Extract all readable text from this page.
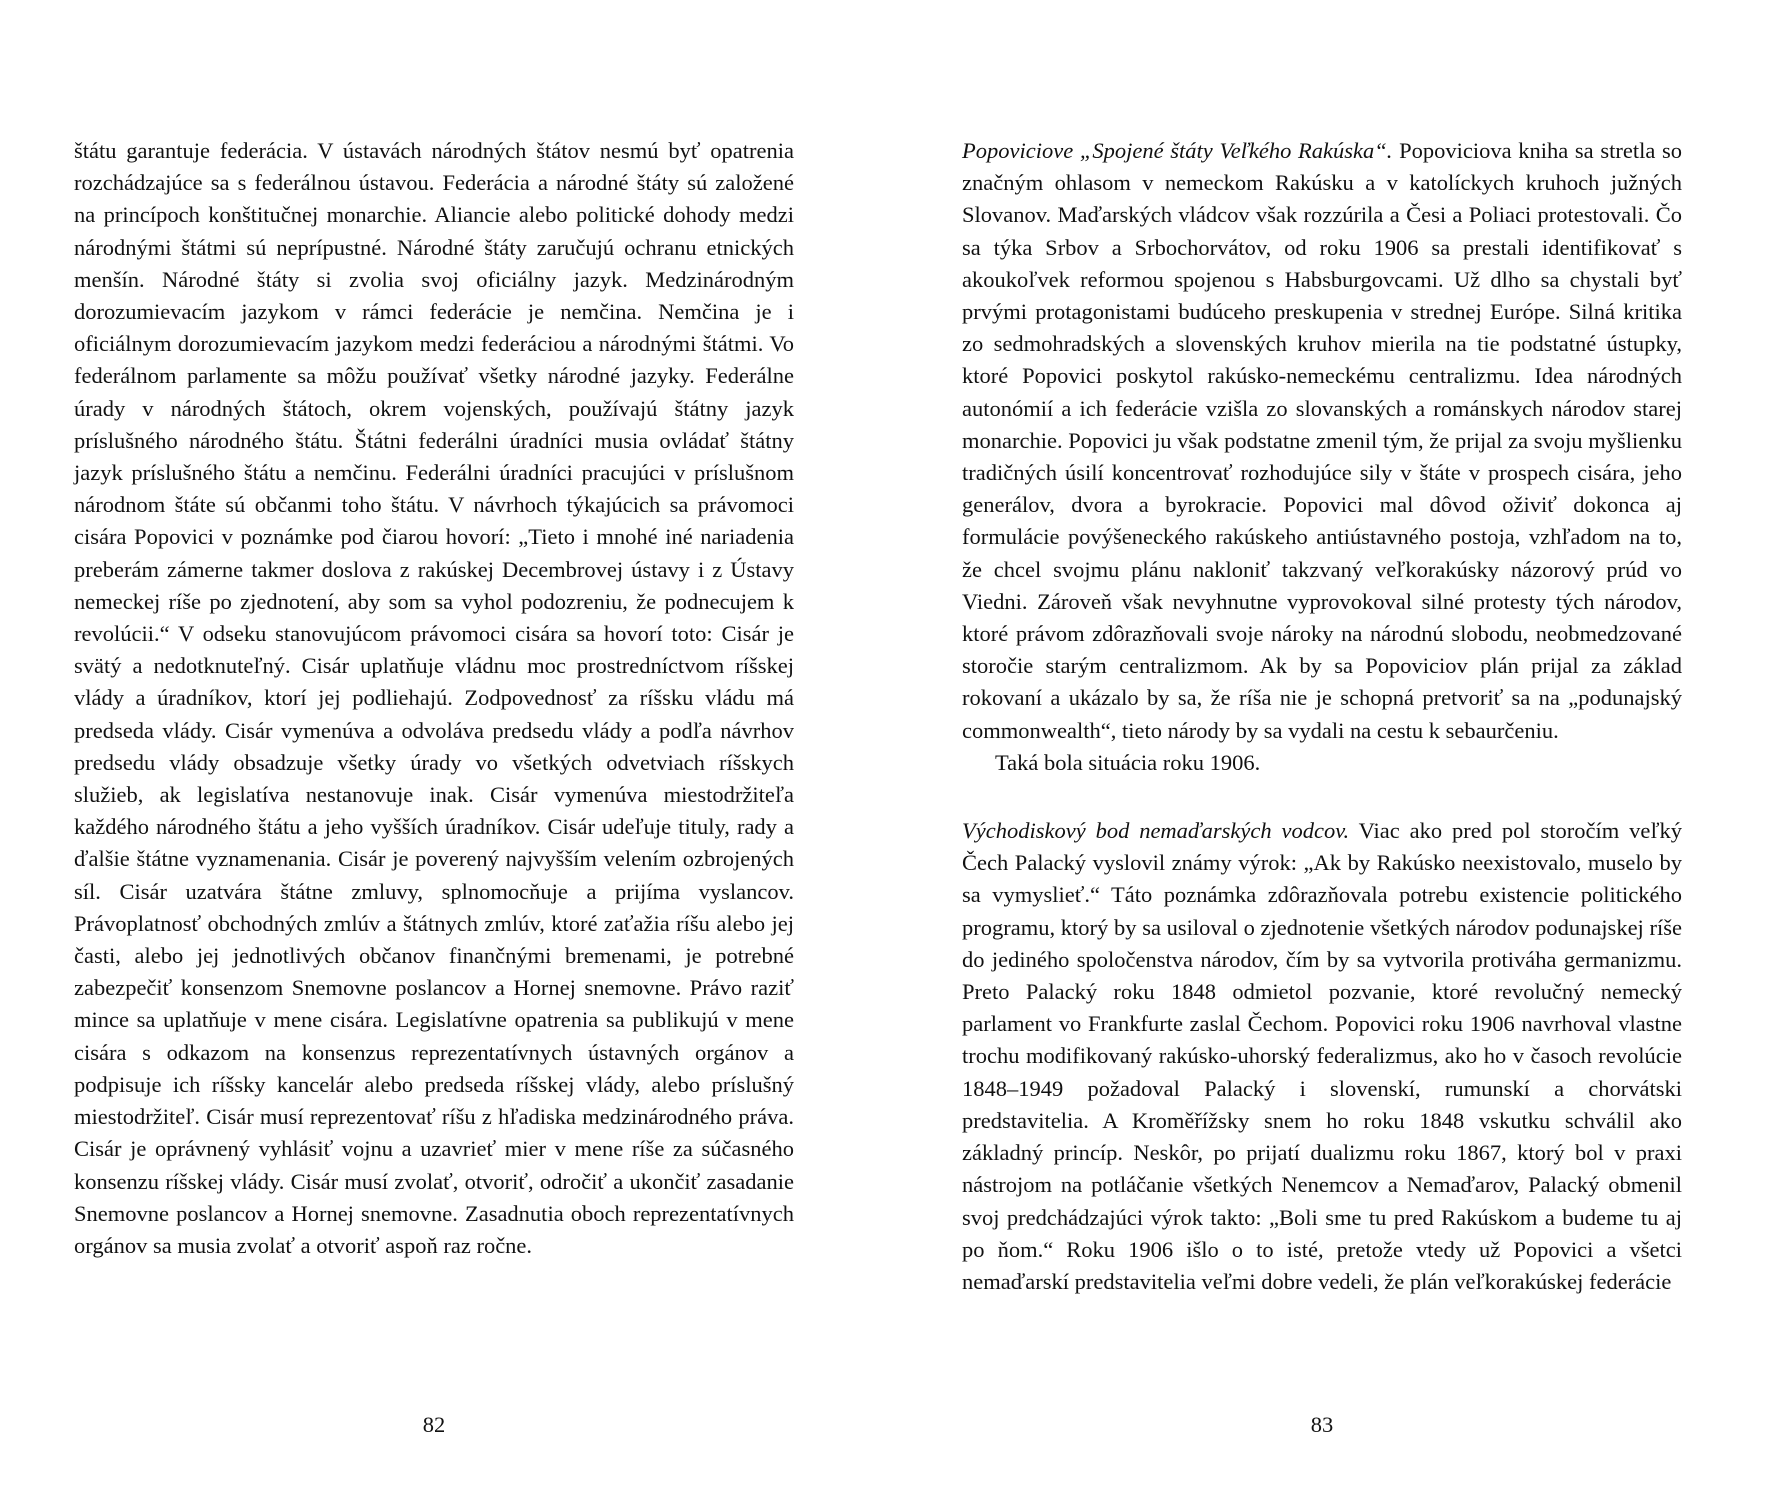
štátu garantuje federácia. V ústavách národných štátov nesmú byť opatrenia rozchádzajúce sa s federálnou ústavou. Federácia a národné štáty sú založené na princípoch konštitučnej monarchie. Aliancie alebo politické dohody medzi národnými štátmi sú neprípustné. Národné štáty zaručujú ochranu etnických menšín. Národné štáty si zvolia svoj oficiálny jazyk. Medzinárodným dorozumievacím jazykom v rámci federácie je nemčina. Nemčina je i oficiálnym dorozumievacím jazykom medzi federáciou a národnými štátmi. Vo federálnom parlamente sa môžu používať všetky národné jazyky. Federálne úrady v národných štátoch, okrem vojenských, používajú štátny jazyk príslušného národného štátu. Štátni federálni úradníci musia ovládať štátny jazyk príslušného štátu a nemčinu. Federálni úradníci pracujúci v príslušnom národnom štáte sú občanmi toho štátu. V návrhoch týkajúcich sa právomoci cisára Popovici v poznámke pod čiarou hovorí: „Tieto i mnohé iné nariadenia preberám zámerne takmer doslova z rakúskej Decembrovej ústavy i z Ústavy nemeckej ríše po zjednotení, aby som sa vyhol podozreniu, že podnecujem k revolúcii.“ V odseku stanovujúcom právomoci cisára sa hovorí toto: Cisár je svätý a nedotknuteľný. Cisár uplatňuje vládnu moc prostredníctvom ríšskej vlády a úradníkov, ktorí jej podliehajú. Zodpovednosť za ríšsku vládu má predseda vlády. Cisár vymenúva a odvoláva predsedu vlády a podľa návrhov predsedu vlády obsadzuje všetky úrady vo všetkých odvetviach ríšskych služieb, ak legislatíva nestanovuje inak. Cisár vymenúva miestodržiteľa každého národného štátu a jeho vyšších úradníkov. Cisár udeľuje tituly, rady a ďalšie štátne vyznamenania. Cisár je poverený najvyšším velením ozbrojených síl. Cisár uzatvára štátne zmluvy, splnomocňuje a prijíma vyslancov. Právoplatnosť obchodných zmlúv a štátnych zmlúv, ktoré zaťažia ríšu alebo jej časti, alebo jej jednotlivých občanov finančnými bremenami, je potrebné zabezpečiť konsenzom Snemovne poslancov a Hornej snemovne. Právo raziť mince sa uplatňuje v mene cisára. Legislatívne opatrenia sa publikujú v mene cisára s odkazom na konsenzus reprezentatívnych ústavných orgánov a podpisuje ich ríšsky kancelár alebo predseda ríšskej vlády, alebo príslušný miestodržiteľ. Cisár musí reprezentovať ríšu z hľadiska medzinárodného práva. Cisár je oprávnený vyhlásiť vojnu a uzavrieť mier v mene ríše za súčasného konsenzu ríšskej vlády. Cisár musí zvolať, otvoriť, odročiť a ukončiť zasadanie Snemovne poslancov a Hornej snemovne. Zasadnutia oboch reprezentatívnych orgánov sa musia zvolať a otvoriť aspoň raz ročne.

82

Popoviciove „Spojené štáty Veľkého Rakúska“. Popoviciova kniha sa stretla so značným ohlasom v nemeckom Rakúsku a v katolíckych kruhoch južných Slovanov. Maďarských vládcov však rozzúrila a Česi a Poliaci protestovali. Čo sa týka Srbov a Srbochorvátov, od roku 1906 sa prestali identifikovať s akoukoľvek reformou spojenou s Habsburgovcami. Už dlho sa chystali byť prvými protagonistami budúceho preskupenia v strednej Európe. Silná kritika zo sedmohradských a slovenských kruhov mierila na tie podstatné ústupky, ktoré Popovici poskytol rakúsko-nemeckému centralizmu. Idea národných autonómií a ich federácie vzišla zo slovanských a románskych národov starej monarchie. Popovici ju však podstatne zmenil tým, že prijal za svoju myšlienku tradičných úsilí koncentrovať rozhodujúce sily v štáte v prospech cisára, jeho generálov, dvora a byrokracie. Popovici mal dôvod oživiť dokonca aj formulácie povýšeneckého rakúskeho antiústavného postoja, vzhľadom na to, že chcel svojmu plánu nakloniť takzvaný veľkorakúsky názorový prúd vo Viedni. Zároveň však nevyhnutne vyprovokoval silné protesty tých národov, ktoré právom zdôrazňovali svoje nároky na národnú slobodu, neobmedzované storočie starým centralizmom. Ak by sa Popoviciov plán prijal za základ rokovaní a ukázalo by sa, že ríša nie je schopná pretvoriť sa na „podunajský commonwealth“, tieto národy by sa vydali na cestu k sebaurčeniu.

Taká bola situácia roku 1906.

Východiskový bod nemaďarských vodcov. Viac ako pred pol storočím veľký Čech Palacký vyslovil známy výrok: „Ak by Rakúsko neexistovalo, muselo by sa vymyslieť.“ Táto poznámka zdôrazňovala potrebu existencie politického programu, ktorý by sa usiloval o zjednotenie všetkých národov podunajskej ríše do jediného spoločenstva národov, čím by sa vytvorila protiváha germanizmu. Preto Palacký roku 1848 odmietol pozvanie, ktoré revolučný nemecký parlament vo Frankfurte zaslal Čechom. Popovici roku 1906 navrhoval vlastne trochu modifikovaný rakúsko-uhorský federalizmus, ako ho v časoch revolúcie 1848–1949 požadoval Palacký i slovenskí, rumunskí a chorvátski predstavitelia. A Kroměřížsky snem ho roku 1848 vskutku schválil ako základný princíp. Neskôr, po prijatí dualizmu roku 1867, ktorý bol v praxi nástrojom na potláčanie všetkých Nenemcov a Nemaďarov, Palacký obmenil svoj predchádzajúci výrok takto: „Boli sme tu pred Rakúskom a budeme tu aj po ňom.“ Roku 1906 išlo o to isté, pretože vtedy už Popovici a všetci nemaďarskí predstavitelia veľmi dobre vedeli, že plán veľkorakúskej federácie

83
